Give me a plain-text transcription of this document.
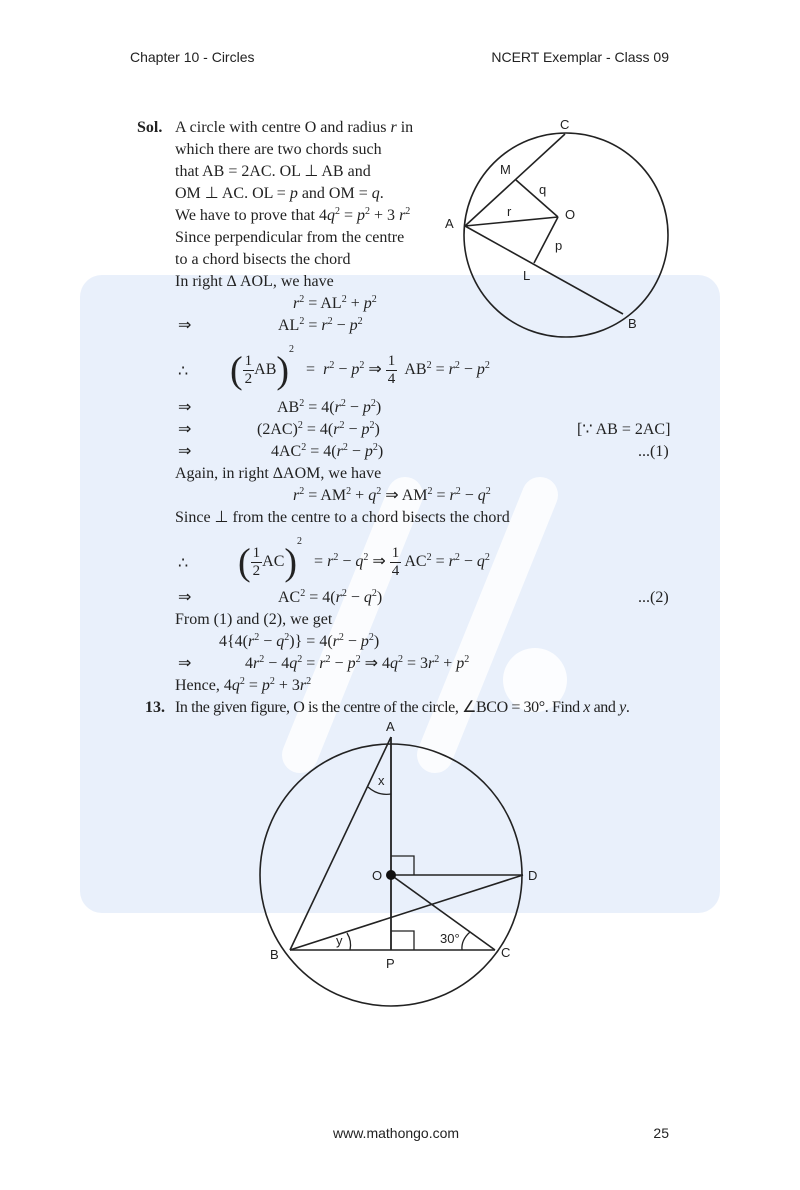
Chapter 10 - Circles	NCERT Exemplar - Class 09
Sol. A circle with centre O and radius r in
which there are two chords such
that AB = 2AC. OL ⊥ AB and
OM ⊥ AC. OL = p and OM = q.
We have to prove that $4q^2 = p^2 + 3$ $r^2$
Since perpendicular from the centre
to a chord bisects the chord
In right Δ AOL, we have
$r^2 = AL^2 + p^2$
⇒	$AL^2 = r^2 - p^2$
∴ ( $\frac{1}{2} AB)^2 = r^2 - p^2$ ⇒ $\frac{1}{4} AB^2 = r^2 - p^2$
⇒	$AB^2 = 4(r^2 - p^2)$
⇒	$(2AC)^2 = 4(r^2 - p^2)$	[∵ AB = 2AC]
⇒	$4AC^2 = 4(r^2 - p^2)$	...(1)
Again, in right ΔAOM, we have
$r^2 = AM^2 + q^2$ ⇒ $AM^2 = r^2 - q^2$
Since ⊥ from the centre to a chord bisects the chord
∴ ( $\frac{1}{2} AC)^2 = r^2 - q^2$ ⇒ $\frac{1}{4} AC^2 = r^2 - q^2$
⇒	$AC^2 = 4(r^2 - q^2)$	...(2)
From (1) and (2), we get
$4\{4(r^2 - q^2)\} = 4(r^2 - p^2)$
⇒	$4r^2 - 4q^2 = r^2 - p^2$ ⇒ $4q^2 = 3r^2 + p^2$
Hence, $4q^2 = p^2 + 3r^2$
C
M
q
r	O
A
p
L
B
13. In the given figure, O is the centre of the circle, ∠BCO = 30°. Find x and y.
A
x
O	D
y	30°
B	C
P
www.mathongo.com	25
